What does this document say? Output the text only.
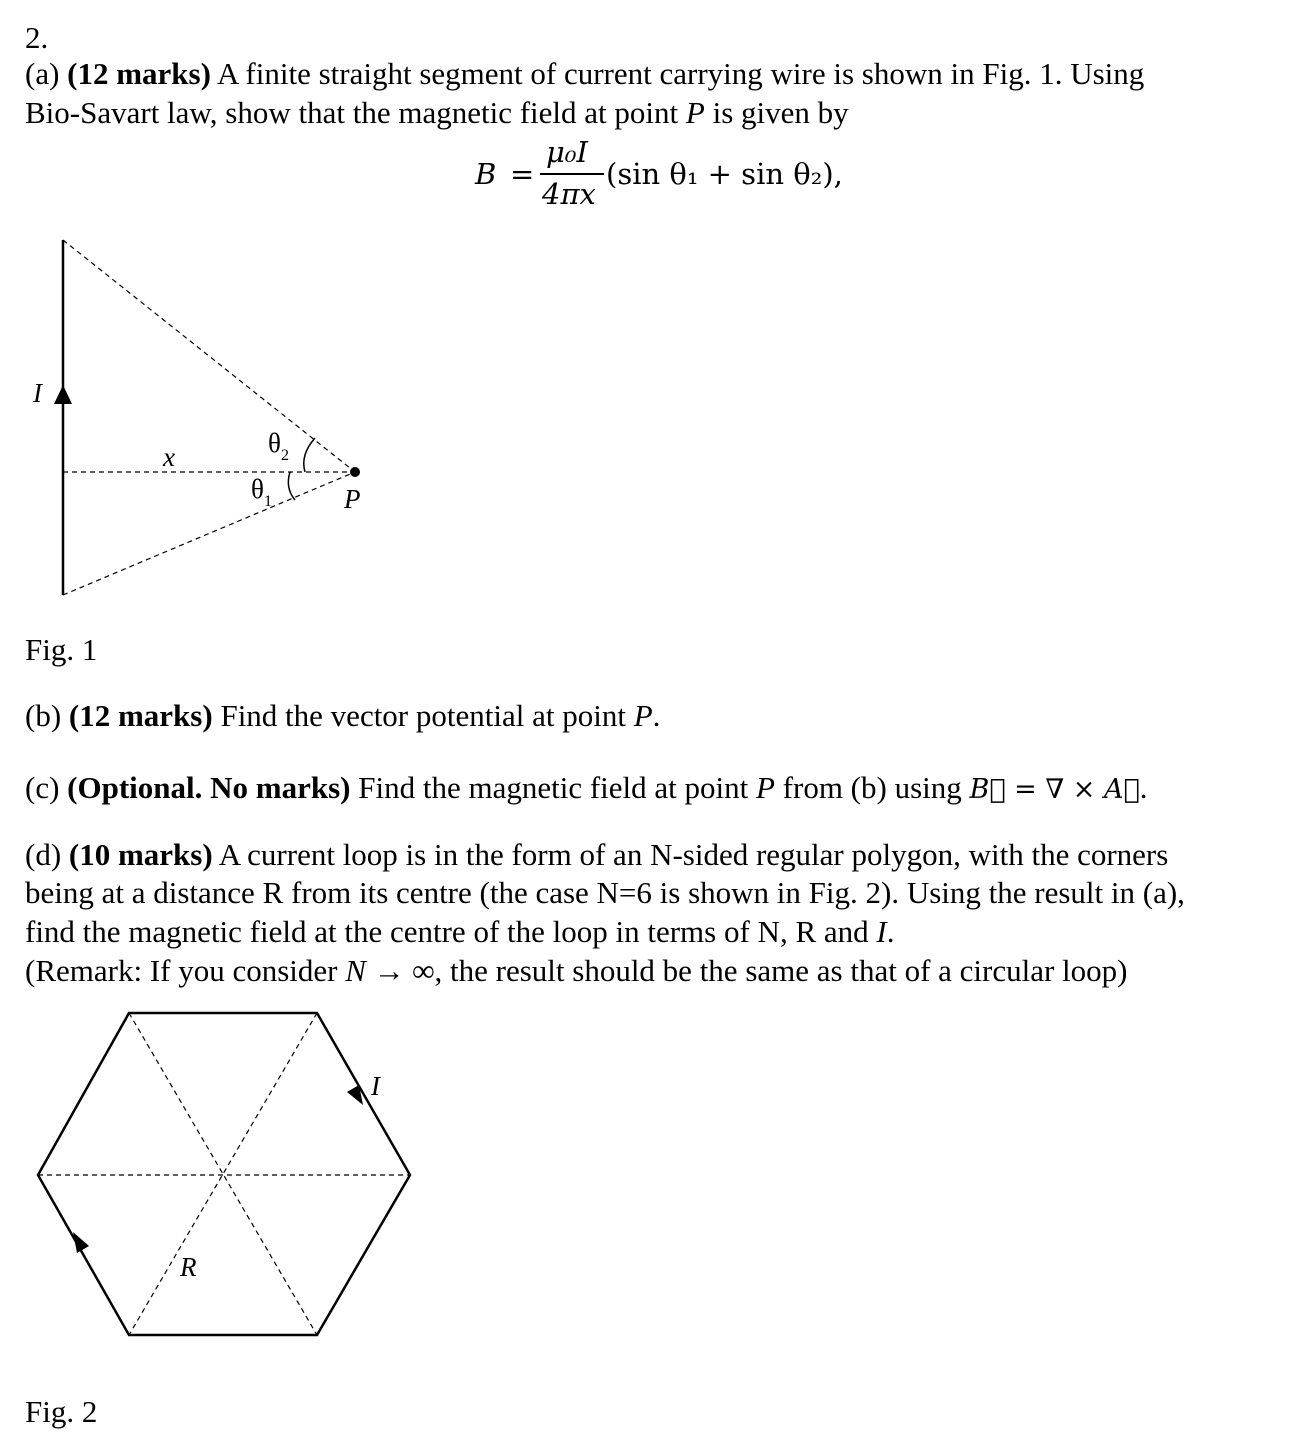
2.
(a) (12 marks) A finite straight segment of current carrying wire is shown in Fig. 1. Using
Bio-Savart law, show that the magnetic field at point P is given by
B =
μ₀I
4πx
(sin θ₁ + sin θ₂),
I
x	$\theta_2$
$\theta_1$	P
Fig. 1
(b) (12 marks) Find the vector potential at point P.
(c) (Optional. No marks) Find the magnetic field at point P from (b) using B⃗ = ∇ × A⃗.
(d) (10 marks) A current loop is in the form of an N-sided regular polygon, with the corners
being at a distance R from its centre (the case N=6 is shown in Fig. 2). Using the result in (a),
find the magnetic field at the centre of the loop in terms of N, R and I.
(Remark: If you consider N → ∞, the result should be the same as that of a circular loop)
I
R
Fig. 2
